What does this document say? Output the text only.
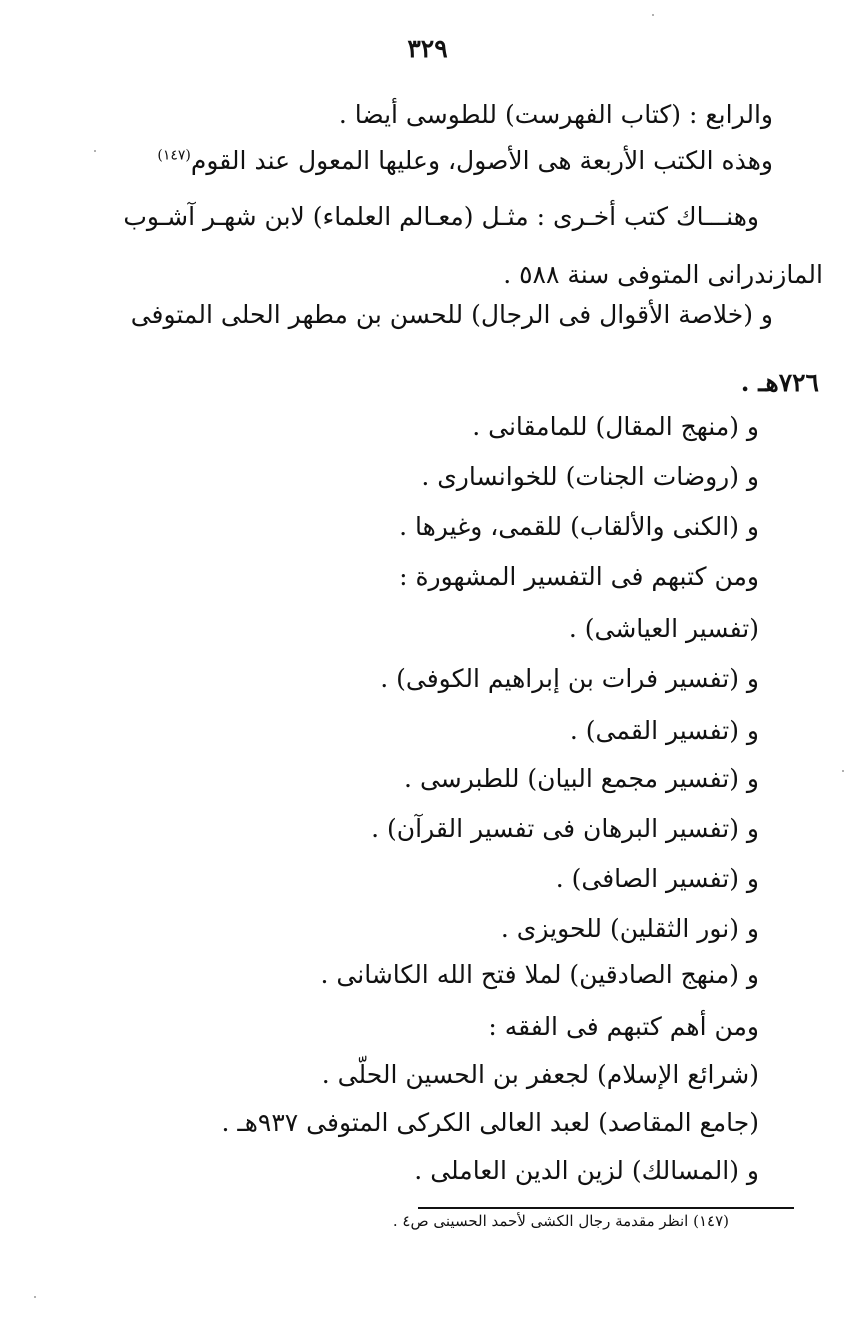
٣٢٩
والرابع : (كتاب الفهرست) للطوسى أيضا .
وهذه الكتب الأربعة هى الأصول، وعليها المعول عند القوم$^{(١٤٧)}$
وهنـــاك كتب أخـرى : مثـل (معـالم العلماء) لابن شهـر آشـوب
المازندرانى المتوفى سنة ٥٨٨ .
و (خلاصة الأقوال فى الرجال) للحسن بن مطهر الحلى المتوفى
٧٢٦هـ .
و (منهج المقال) للمامقانى .
و (روضات الجنات) للخوانسارى .
و (الكنى والألقاب) للقمى، وغيرها .
ومن كتبهم فى التفسير المشهورة :
(تفسير العياشى) .
و (تفسير فرات بن إبراهيم الكوفى) .
و (تفسير القمى) .
و (تفسير مجمع البيان) للطبرسى .
و (تفسير البرهان فى تفسير القرآن) .
و (تفسير الصافى) .
و (نور الثقلين) للحويزى .
و (منهج الصادقين) لملا فتح الله الكاشانى .
ومن أهم كتبهم فى الفقه :
(شرائع الإسلام) لجعفر بن الحسين الحلّى .
(جامع المقاصد) لعبد العالى الكركى المتوفى ٩٣٧هـ .
و (المسالك) لزين الدين العاملى .
(١٤٧) انظر مقدمة رجال الكشى لأحمد الحسينى ص٤ .
